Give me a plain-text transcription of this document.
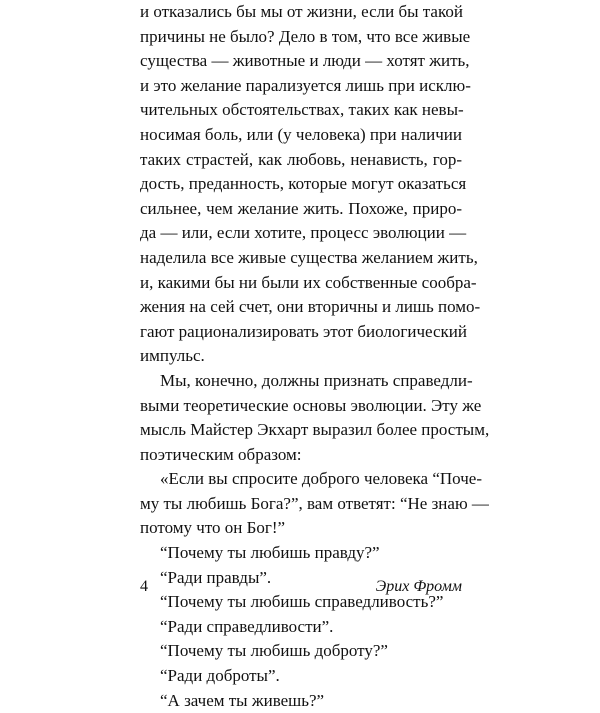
и отказались бы мы от жизни, если бы такой
причины не было? Дело в том, что все живые
существа — животные и люди — хотят жить,
и это желание парализуется лишь при исклю-
чительных обстоятельствах, таких как невы-
носимая боль, или (у человека) при наличии
таких страстей, как любовь, ненависть, гор-
дость, преданность, которые могут оказаться
сильнее, чем желание жить. Похоже, приро-
да — или, если хотите, процесс эволюции —
наделила все живые существа желанием жить,
и, какими бы ни были их собственные сообра-
жения на сей счет, они вторичны и лишь помо-
гают рационализировать этот биологический
импульс.
Мы, конечно, должны признать справедли-
выми теоретические основы эволюции. Эту же
мысль Майстер Экхарт выразил более простым,
поэтическим образом:
«Если вы спросите доброго человека “Поче-
му ты любишь Бога?”, вам ответят: “Не знаю —
потому что он Бог!”
“Почему ты любишь правду?”
“Ради правды”.
“Почему ты любишь справедливость?”
“Ради справедливости”.
“Почему ты любишь доброту?”
“Ради доброты”.
“А зачем ты живешь?”
4	Эрих Фромм
